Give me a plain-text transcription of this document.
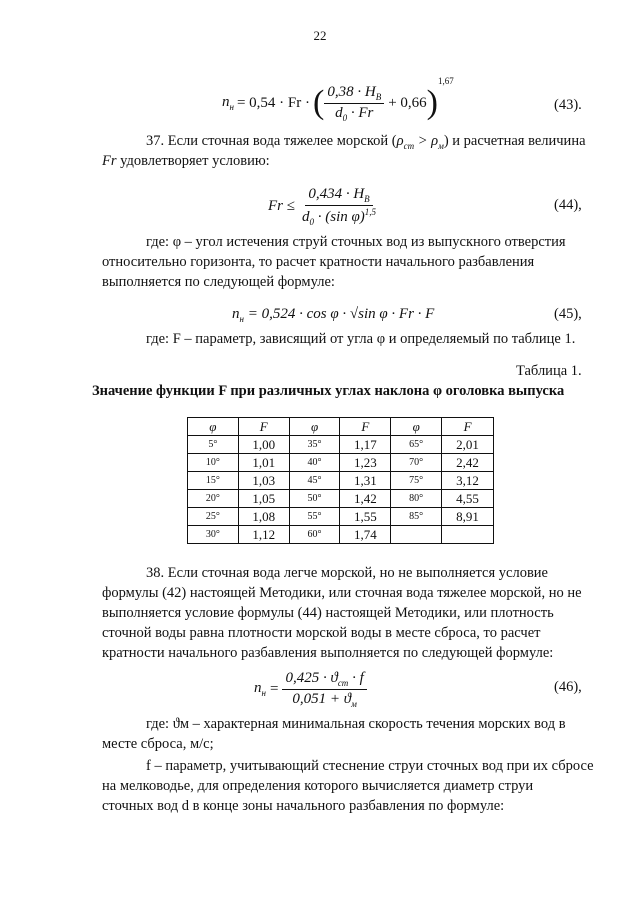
22
$n_н = 0,54 \cdot Fr$ · ( $\frac{0,38 \cdot H_B}{d_0 \cdot Fr} + 0,66$ )
$^{1,67}$
(43).
37. Если сточная вода тяжелее морской $(\rho_{ст} > \rho_м)$ и расчетная величина
Fr удовлетворяет условию:
$Fr \le \frac{0,434 \cdot H_B}{d_0 \cdot (\sin \varphi)^{1,5}}$	(44),
где: φ – угол истечения струй сточных вод из выпускного отверстия
относительно горизонта, то расчет кратности начального разбавления
выполняется по следующей формуле:
$n_н = 0,524 \cdot \cos \varphi \cdot √\sin$ φ · Fr · F	(45),
где: F – параметр, зависящий от угла φ и определяемый по таблице 1.
Таблица 1.
Значение функции F при различных углах наклона φ оголовка выпуска
φ	F	φ	F	φ	F
5°	1,00	35°	1,17	65°	2,01
10°	1,01	40°	1,23	70°	2,42
15°	1,03	45°	1,31	75°	3,12
20°	1,05	50°	1,42	80°	4,55
25°	1,08	55°	1,55	85°	8,91
30°	1,12	60°	1,74		
38. Если сточная вода легче морской, но не выполняется условие
формулы (42) настоящей Методики, или сточная вода тяжелее морской, но не
выполняется условие формулы (44) настоящей Методики, или плотность
сточной воды равна плотности морской воды в месте сброса, то расчет
кратности начального разбавления выполняется по следующей формуле:
$n_н = \frac{0,425 \cdot ϑ_{ст} \cdot f}{0,051 + ϑ_м}$	(46),
где: ϑм – характерная минимальная скорость течения морских вод в
месте сброса, м/с;
f – параметр, учитывающий стеснение струи сточных вод при их сбросе
на мелководье, для определения которого вычисляется диаметр струи
сточных вод d в конце зоны начального разбавления по формуле:
